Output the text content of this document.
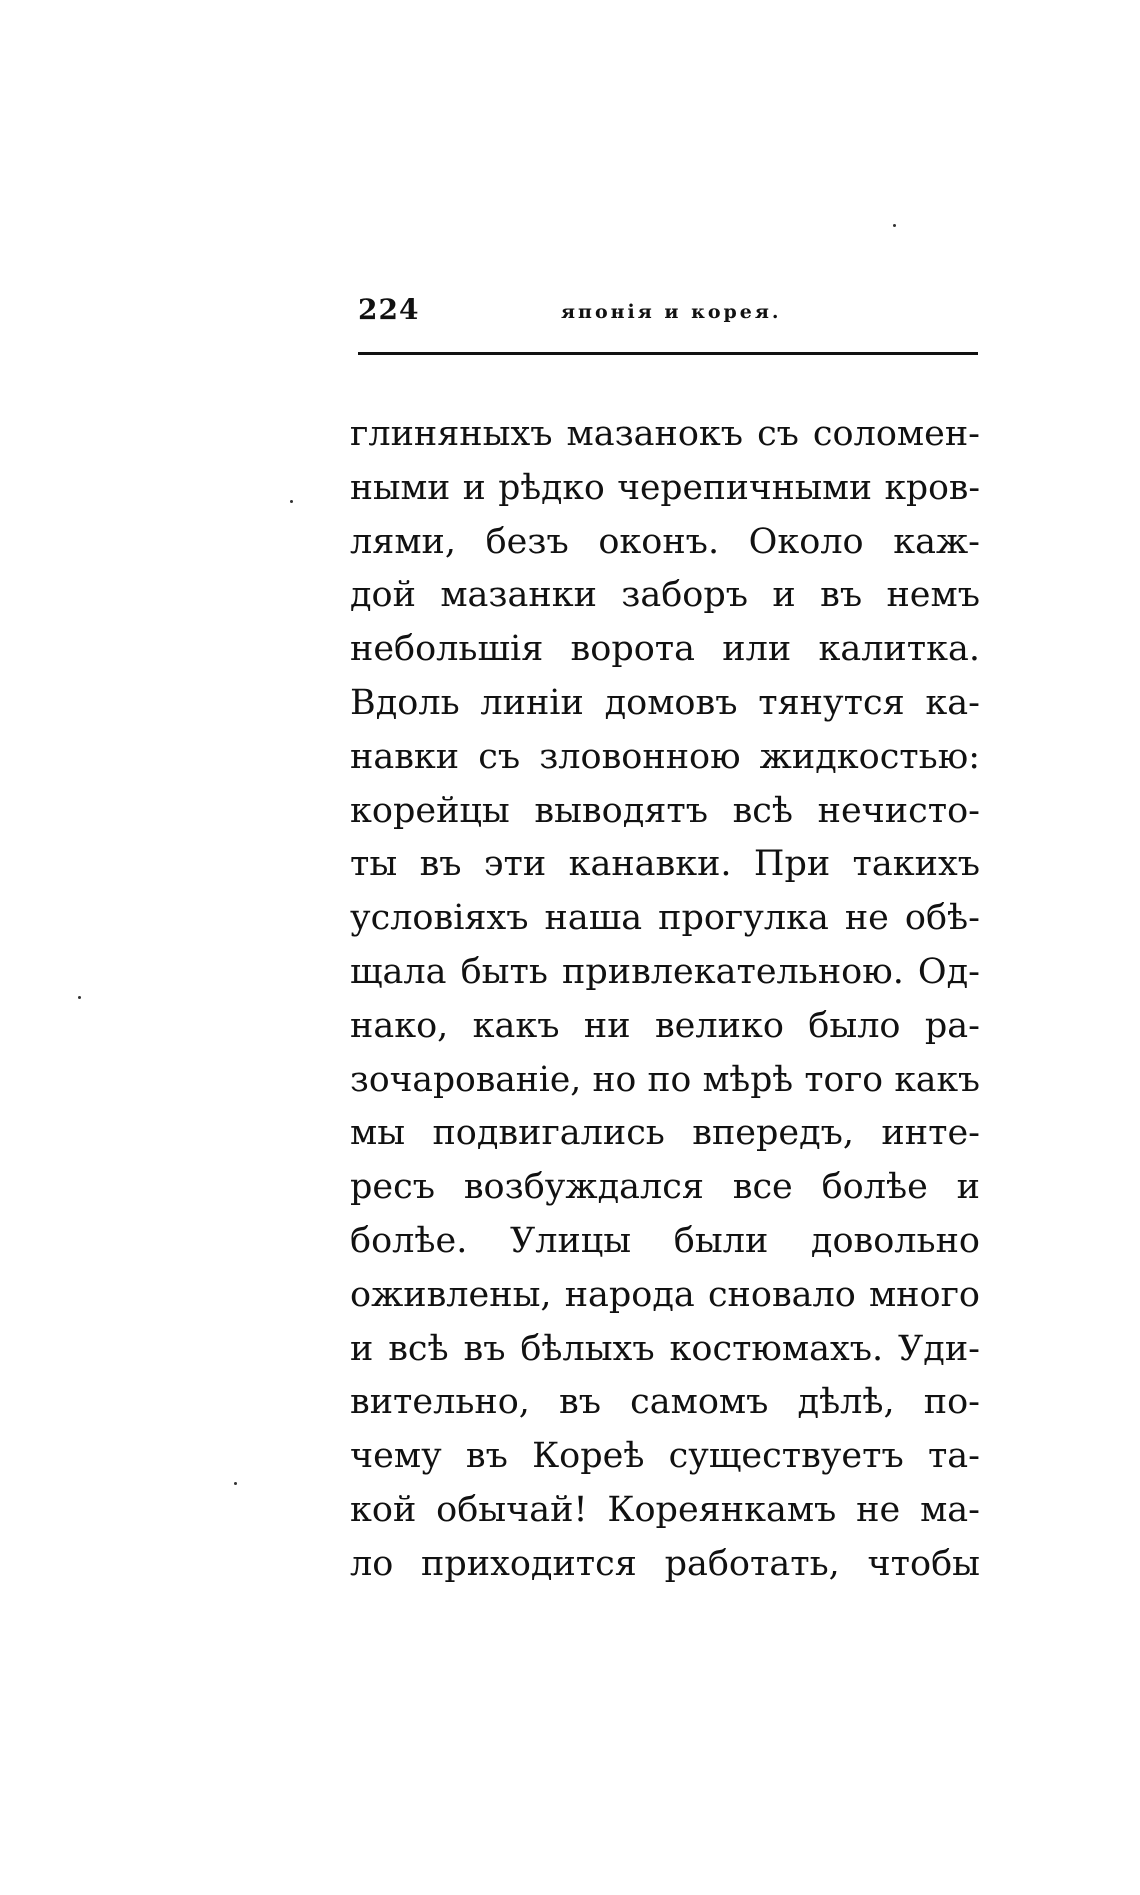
224	японія и корея.
глиняныхъ мазанокъ съ соломен-
ными и рѣдко черепичными кров-
лями, безъ оконъ. Около каж-
дой мазанки заборъ и въ немъ
небольшія ворота или калитка.
Вдоль линіи домовъ тянутся ка-
навки съ зловонною жидкостью:
корейцы выводятъ всѣ нечисто-
ты въ эти канавки. При такихъ
условіяхъ наша прогулка не обѣ-
щала быть привлекательною. Од-
нако, какъ ни велико было ра-
зочарованіе, но по мѣрѣ того какъ
мы подвигались впередъ, инте-
ресъ возбуждался все болѣе и
болѣе. Улицы были довольно
оживлены, народа сновало много
и всѣ въ бѣлыхъ костюмахъ. Уди-
вительно, въ самомъ дѣлѣ, по-
чему въ Кореѣ существуетъ та-
кой обычай! Кореянкамъ не ма-
ло приходится работать, чтобы
